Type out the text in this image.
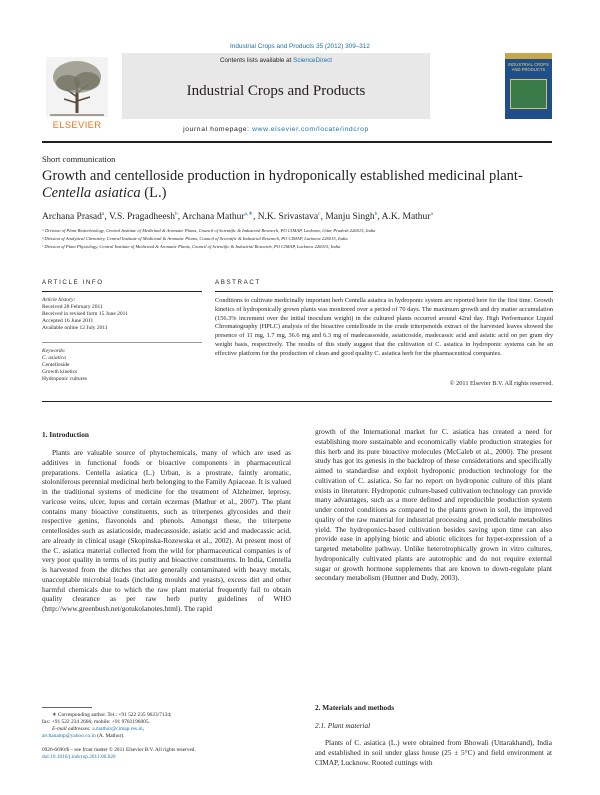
Industrial Crops and Products 35 (2012) 309–312
ELSEVIER
Contents lists available at ScienceDirect
Industrial Crops and Products
journal homepage: www.elsevier.com/locate/indcrop
INDUSTRIAL CROPS AND PRODUCTS
Short communication
Growth and centelloside production in hydroponically established medicinal plant-Centella asiatica (L.)
Archana Prasad$^a$, V.S. Pragadheesh$^b$, Archana Mathur$^{a,∗}$, N.K. Srivastava$^c$, Manju Singh$^b$, A.K. Mathur$^a$
ᵃ Division of Plant Biotechnology, Central Institute of Medicinal & Aromatic Plants, Council of Scientific & Industrial Research, PO CIMAP, Lucknow, Uttar Pradesh 226015, India
ᵇ Division of Analytical Chemistry, Central Institute of Medicinal & Aromatic Plants, Council of Scientific & Industrial Research, PO CIMAP, Lucknow 226015, India
ᶜ Division of Plant Physiology, Central Institute of Medicinal & Aromatic Plants, Council of Scientific & Industrial Research, PO CIMAP, Lucknow 226015, India
ARTICLE INFO	ABSTRACT
Article history:
Received 28 February 2011
Received in revised form 15 June 2011
Accepted 16 June 2011
Available online 12 July 2011
Keywords:
C. asiatica
Centelloside
Growth kinetics
Hydroponic cultures
Conditions to cultivate medicinally important herb Centella asiatica in hydroponic system are reported here for the first time. Growth kinetics of hydroponically grown plants was monitored over a period of 70 days. The maximum growth and dry matter accumulation (156.3% increment over the initial inoculum weight) in the cultured plants occurred around 42nd day. High Performance Liquid Chromatography (HPLC) analysis of the bioactive centelloside in the crude triterpenoids extract of the harvested leaves showed the presence of 11 mg, 1.7 mg, 36.6 mg and 6.3 mg of madecassoside, asiaticoside, madecassic acid and asiatic acid on per gram dry weight basis, respectively. The results of this study suggest that the cultivation of C. asiatica in hydroponic systems can be an effective platform for the production of clean and good quality C. asiatica herb for the pharmaceutical companies.
© 2011 Elsevier B.V. All rights reserved.
1. Introduction
Plants are valuable source of phytochemicals, many of which are used as additives in functional foods or bioactive components in pharmaceutical preparations. Centella asiatica (L.) Urban, is a prostrate, faintly aromatic, stoloniferous perennial medicinal herb belonging to the Family Apiaceae. It is valued in the traditional systems of medicine for the treatment of Alzheimer, leprosy, varicose veins, ulcer, lupus and certain eczemas (Mathur et al., 2007). The plant contains many bioactive constituents, such as triterpenes glycosides and their respective genins, flavonoids and phenols. Amongst these, the triterpene centellosides such as asiaticoside, madecassoside, asiatic acid and madecassic acid, are already in clinical usage (Skopinska-Rozewska et al., 2002). At present most of the C. asiatica material collected from the wild for pharmaceutical companies is of very poor quality in terms of its purity and bioactive constituents. In India, Centella is harvested from the ditches that are generally contaminated with heavy metals, unacceptable microbial loads (including moulds and yeasts), excess dirt and other harmful chemicals due to which the raw plant material frequently fail to obtain quality clearance as per raw herb purity guidelines of WHO (http://www.greenbush.net/gotukolanotes.html). The rapid
growth of the International market for C. asiatica has created a need for establishing more sustainable and economically viable production strategies for this herb and its pure bioactive molecules (McCaleb et al., 2000). The present study has got its genesis in the backdrop of these considerations and specifically aimed to standardise and exploit hydroponic production technology for the cultivation of C. asiatica. So far no report on hydroponic culture of this plant exists in literature. Hydroponic culture-based cultivation technology can provide many advantages, such as a more defined and reproducible production system under control conditions as compared to the plants grown in soil, the improved quality of the raw material for industrial processing and, predictable metabolites yield. The hydroponics-based cultivation besides saving upon time can also provide ease in applying biotic and abiotic elicitors for hyper-expression of a targeted metabolite pathway. Unlike heterotrophically grown in vitro cultures, hydroponically cultivated plants are autotrophic and do not require external sugar or growth hormone supplements that are known to down-regulate plant secondary metabolism (Huttner and Dudy, 2003).
2. Materials and methods
2.1. Plant material
Plants of C. asiatica (L.) were obtained from Bhowali (Uttarakhand), India and established in soil under glass house (25 ± 5°C) and field environment at CIMAP, Lucknow. Rooted cuttings with
∗ Corresponding author. Tel.: +91 522 235 9623/7134;
fax: +91 522 234 2666; mobile: +91 9783196005.
E-mail addresses: a.mathur@cimap.res.in,
archanamp@yahoo.co.in (A. Mathur).
0926-6690/$ – see front matter © 2011 Elsevier B.V. All rights reserved.
doi:10.1016/j.indcrop.2011.06.020
